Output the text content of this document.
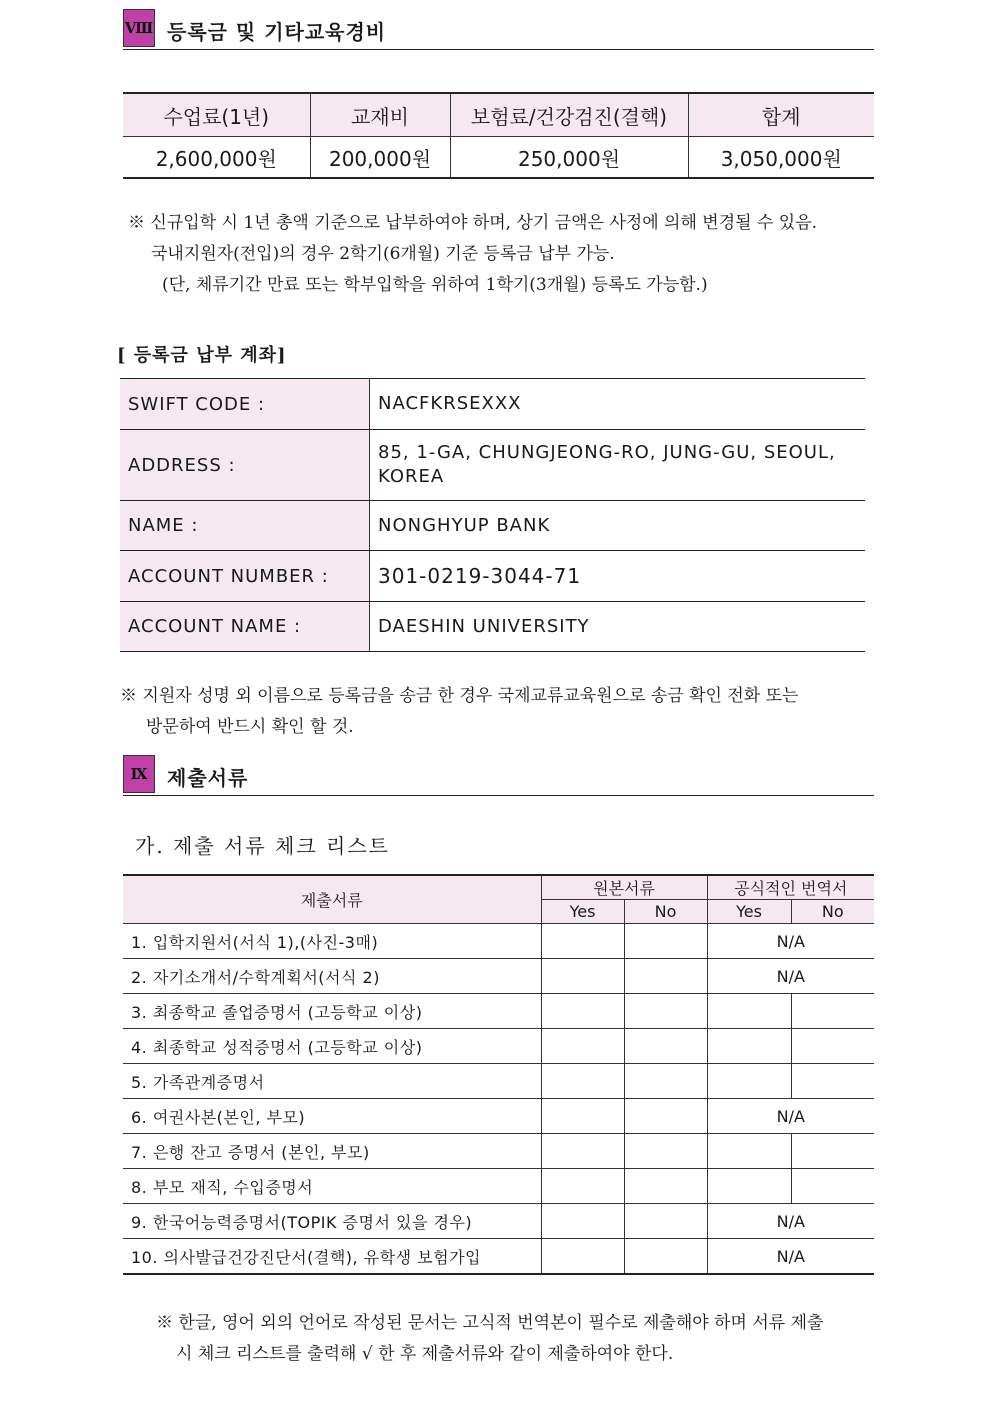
Ⅷ 등록금 및 기타교육경비
수업료(1년)	교재비	보험료/건강검진(결핵)	합계
2,600,000원	200,000원	250,000원	3,050,000원
※ 신규입학 시 1년 총액 기준으로 납부하여야 하며, 상기 금액은 사정에 의해 변경될 수 있음.
국내지원자(전입)의 경우 2학기(6개월) 기준 등록금 납부 가능.
(단, 체류기간 만료 또는 학부입학을 위하여 1학기(3개월) 등록도 가능함.)
[ 등록금 납부 계좌]
SWIFT CODE :	NACFKRSEXXX
ADDRESS :	85, 1-GA, CHUNGJEONG-RO, JUNG-GU, SEOUL, KOREA
NAME :	NONGHYUP BANK
ACCOUNT NUMBER :	301-0219-3044-71
ACCOUNT NAME :	DAESHIN UNIVERSITY
※ 지원자 성명 외 이름으로 등록금을 송금 한 경우 국제교류교육원으로 송금 확인 전화 또는
방문하여 반드시 확인 할 것.
Ⅸ 제출서류
가. 제출 서류 체크 리스트
제출서류	원본서류		공식적인 번역서	
	Yes	No	Yes	No
1. 입학지원서(서식 1),(사진-3매)			N/A	
2. 자기소개서/수학계획서(서식 2)			N/A	
3. 최종학교 졸업증명서 (고등학교 이상)				
4. 최종학교 성적증명서 (고등학교 이상)				
5. 가족관계증명서				
6. 여권사본(본인, 부모)			N/A	
7. 은행 잔고 증명서 (본인, 부모)				
8. 부모 재직, 수입증명서				
9. 한국어능력증명서(TOPIK 증명서 있을 경우)			N/A	
10. 의사발급건강진단서(결핵), 유학생 보험가입			N/A	
※ 한글, 영어 외의 언어로 작성된 문서는 고식적 번역본이 필수로 제출해야 하며 서류 제출
시 체크 리스트를 출력해 √ 한 후 제출서류와 같이 제출하여야 한다.
